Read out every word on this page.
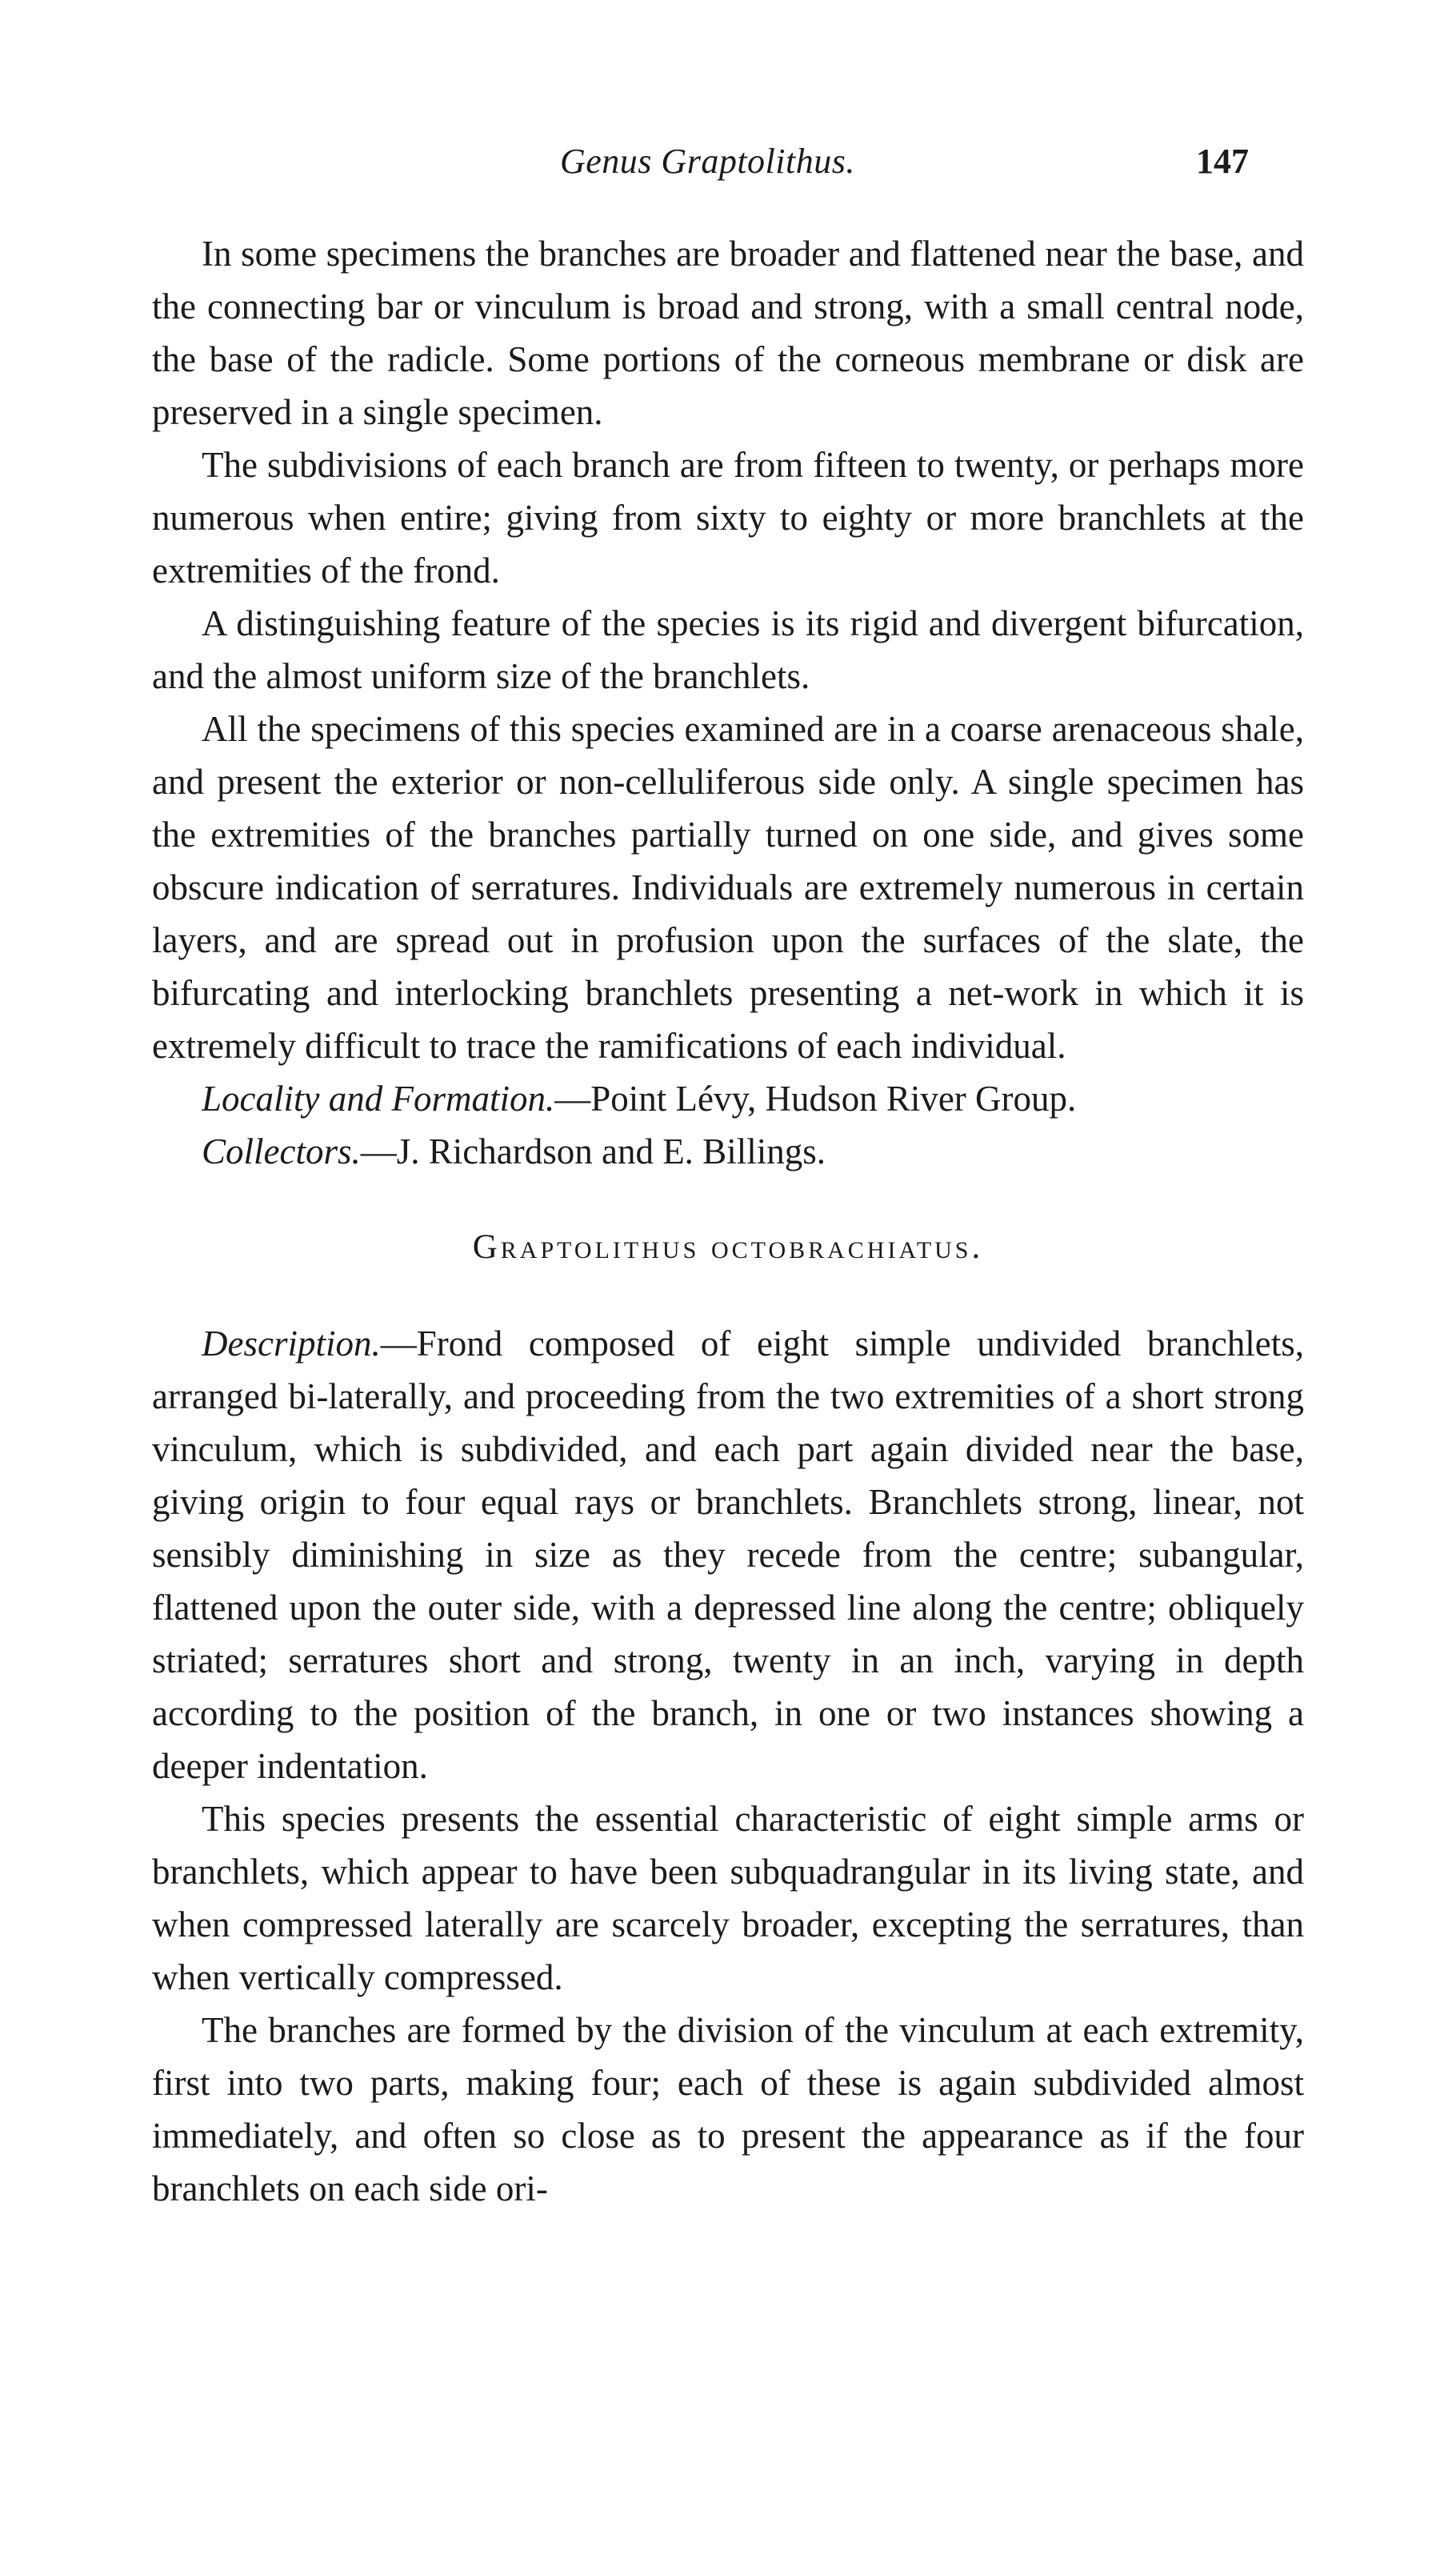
Genus Graptolithus.	147

In some specimens the branches are broader and flattened near the base, and the connecting bar or vinculum is broad and strong, with a small central node, the base of the radicle. Some portions of the corneous membrane or disk are preserved in a single specimen.

The subdivisions of each branch are from fifteen to twenty, or perhaps more numerous when entire; giving from sixty to eighty or more branchlets at the extremities of the frond.

A distinguishing feature of the species is its rigid and divergent bifurcation, and the almost uniform size of the branchlets.

All the specimens of this species examined are in a coarse arenaceous shale, and present the exterior or non-celluliferous side only. A single specimen has the extremities of the branches partially turned on one side, and gives some obscure indication of serratures. Individuals are extremely numerous in certain layers, and are spread out in profusion upon the surfaces of the slate, the bifurcating and interlocking branchlets presenting a net-work in which it is extremely difficult to trace the ramifications of each individual.

Locality and Formation.—Point Lévy, Hudson River Group.

Collectors.—J. Richardson and E. Billings.

Graptolithus octobrachiatus.

Description.—Frond composed of eight simple undivided branchlets, arranged bi-laterally, and proceeding from the two extremities of a short strong vinculum, which is subdivided, and each part again divided near the base, giving origin to four equal rays or branchlets. Branchlets strong, linear, not sensibly diminishing in size as they recede from the centre; subangular, flattened upon the outer side, with a depressed line along the centre; obliquely striated; serratures short and strong, twenty in an inch, varying in depth according to the position of the branch, in one or two instances showing a deeper indentation.

This species presents the essential characteristic of eight simple arms or branchlets, which appear to have been subquadrangular in its living state, and when compressed laterally are scarcely broader, excepting the serratures, than when vertically compressed.

The branches are formed by the division of the vinculum at each extremity, first into two parts, making four; each of these is again subdivided almost immediately, and often so close as to present the appearance as if the four branchlets on each side ori-
